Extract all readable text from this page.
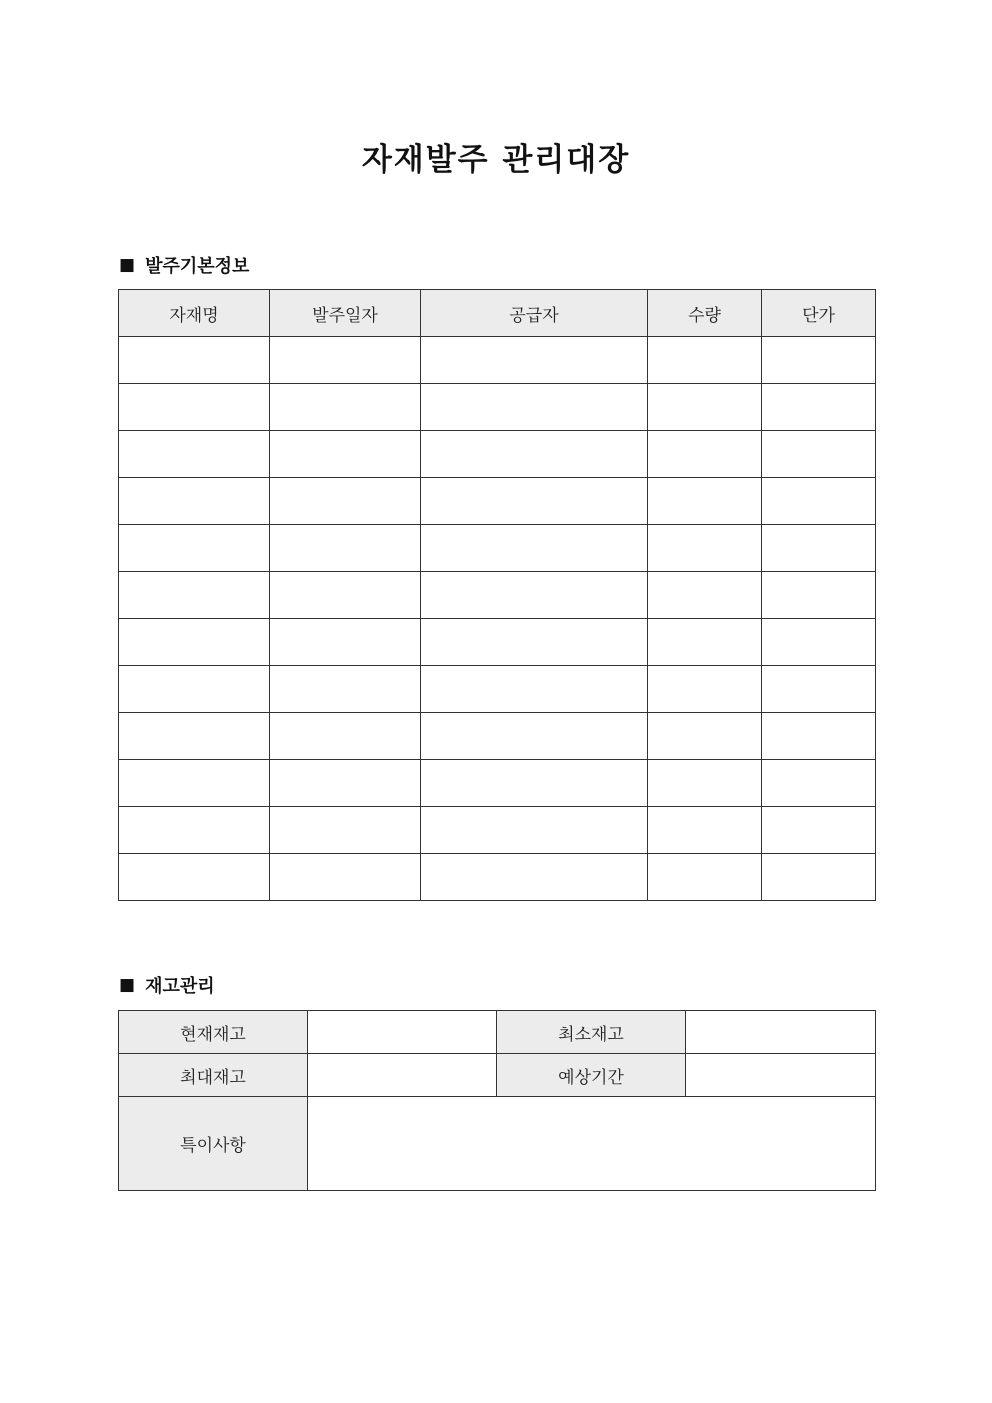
자재발주 관리대장
■ 발주기본정보
자재명	발주일자	공급자	수량	단가

■ 재고관리
현재재고		최소재고	
최대재고		예상기간	
특이사항			
